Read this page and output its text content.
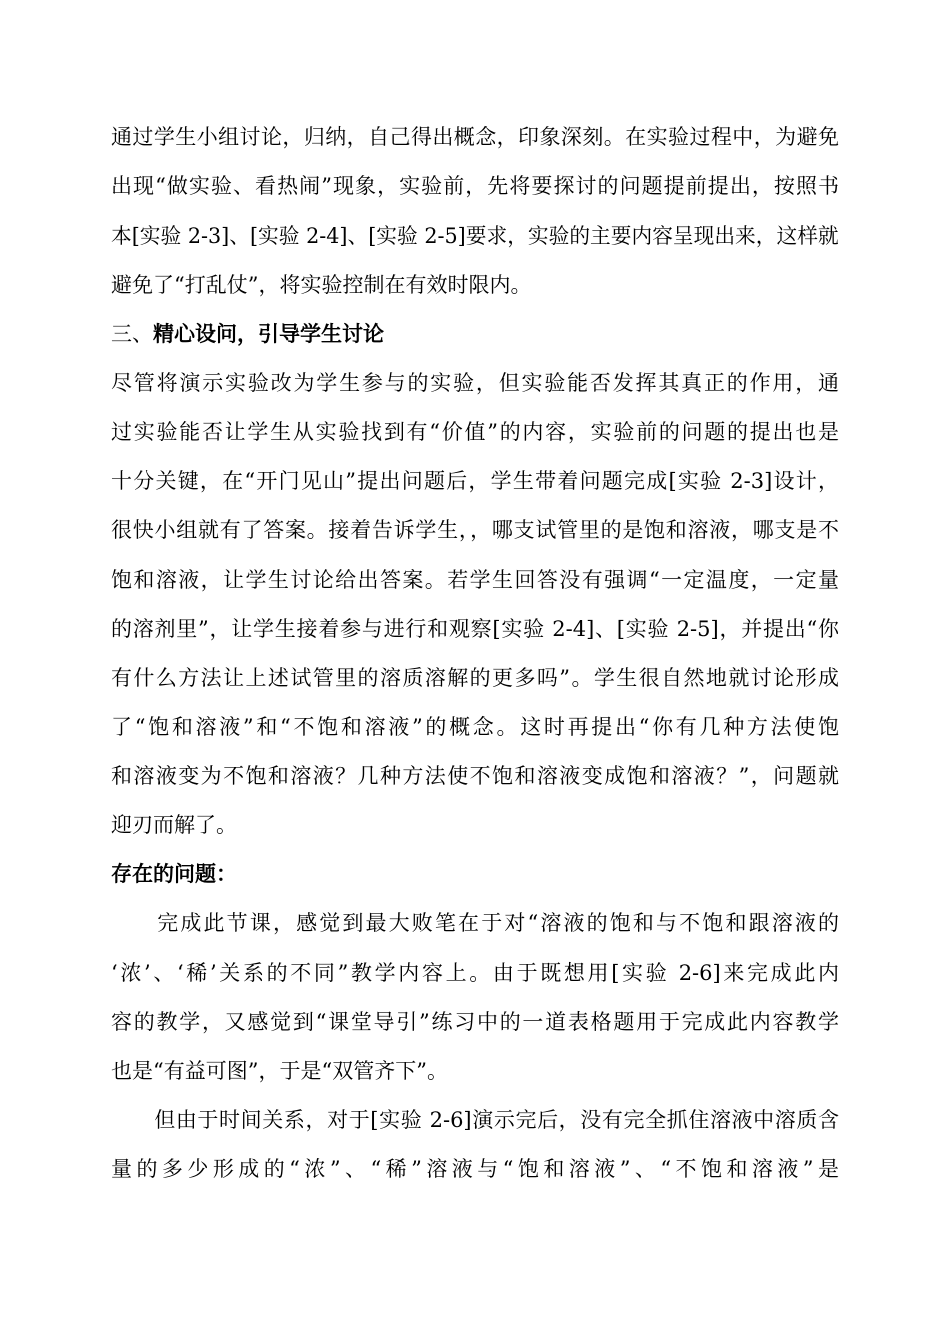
通过学生小组讨论，归纳，自己得出概念，印象深刻。在实验过程中，为避免
出现“做实验、看热闹”现象，实验前，先将要探讨的问题提前提出，按照书
本[实验 2-3]、[实验 2-4]、[实验 2-5]要求，实验的主要内容呈现出来，这样就
避免了“打乱仗”，将实验控制在有效时限内。
三、精心设问，引导学生讨论
尽管将演示实验改为学生参与的实验，但实验能否发挥其真正的作用，通
过实验能否让学生从实验找到有“价值”的内容，实验前的问题的提出也是
十分关键，在“开门见山”提出问题后，学生带着问题完成[实验 2-3]设计，
很快小组就有了答案。接着告诉学生，，哪支试管里的是饱和溶液，哪支是不
饱和溶液，让学生讨论给出答案。若学生回答没有强调“一定温度，一定量
的溶剂里”，让学生接着参与进行和观察[实验 2-4]、[实验 2-5]，并提出“你
有什么方法让上述试管里的溶质溶解的更多吗”。学生很自然地就讨论形成
了“饱和溶液”和“不饱和溶液”的概念。这时再提出“你有几种方法使饱
和溶液变为不饱和溶液？几种方法使不饱和溶液变成饱和溶液？”，问题就
迎刃而解了。
存在的问题：
　　完成此节课，感觉到最大败笔在于对“溶液的饱和与不饱和跟溶液的
‘浓’、‘稀’关系的不同”教学内容上。由于既想用[实验 2-6]来完成此内
容的教学，又感觉到“课堂导引”练习中的一道表格题用于完成此内容教学
也是“有益可图”，于是“双管齐下”。
　　但由于时间关系，对于[实验 2-6]演示完后，没有完全抓住溶液中溶质含
量的多少形成的“浓”、“稀”溶液与“饱和溶液”、“不饱和溶液”是
